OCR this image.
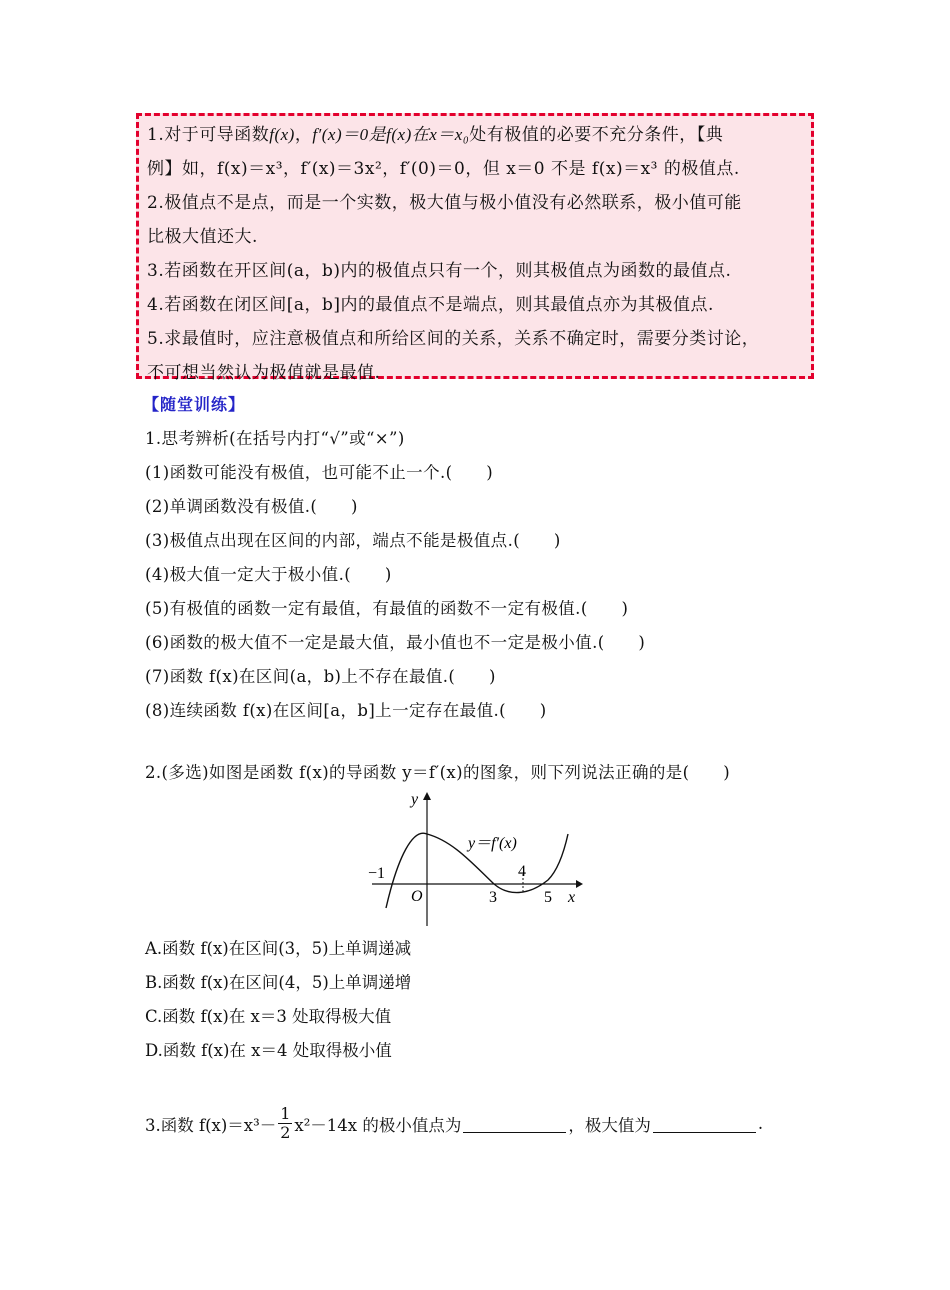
1.对于可导函数f(x)，f′(x)＝0是f(x)在x＝x₀处有极值的必要不充分条件，【典
例】如，f(x)＝x³，f′(x)＝3x²，f′(0)＝0，但 x＝0 不是 f(x)＝x³ 的极值点.
2.极值点不是点，而是一个实数，极大值与极小值没有必然联系，极小值可能
比极大值还大.
3.若函数在开区间(a，b)内的极值点只有一个，则其极值点为函数的最值点.
4.若函数在闭区间[a，b]内的最值点不是端点，则其最值点亦为其极值点.
5.求最值时，应注意极值点和所给区间的关系，关系不确定时，需要分类讨论，
不可想当然认为极值就是最值.
【随堂训练】
1.思考辨析(在括号内打“√”或“×”)
(1)函数可能没有极值，也可能不止一个.(　　)
(2)单调函数没有极值.(　　)
(3)极值点出现在区间的内部，端点不能是极值点.(　　)
(4)极大值一定大于极小值.(　　)
(5)有极值的函数一定有最值，有最值的函数不一定有极值.(　　)
(6)函数的极大值不一定是最大值，最小值也不一定是极小值.(　　)
(7)函数 f(x)在区间(a，b)上不存在最值.(　　)
(8)连续函数 f(x)在区间[a，b]上一定存在最值.(　　)
2.(多选)如图是函数 f(x)的导函数 y＝f′(x)的图象，则下列说法正确的是(　　)
y
x
y＝f′(x)
O
−1
3
4
5
A.函数 f(x)在区间(3，5)上单调递减
B.函数 f(x)在区间(4，5)上单调递增
C.函数 f(x)在 x＝3 处取得极大值
D.函数 f(x)在 x＝4 处取得极小值
3.函数 $f(x)=x^3- \frac{1}{2} x^2-14x$ 的极小值点为	，极大值为	.
